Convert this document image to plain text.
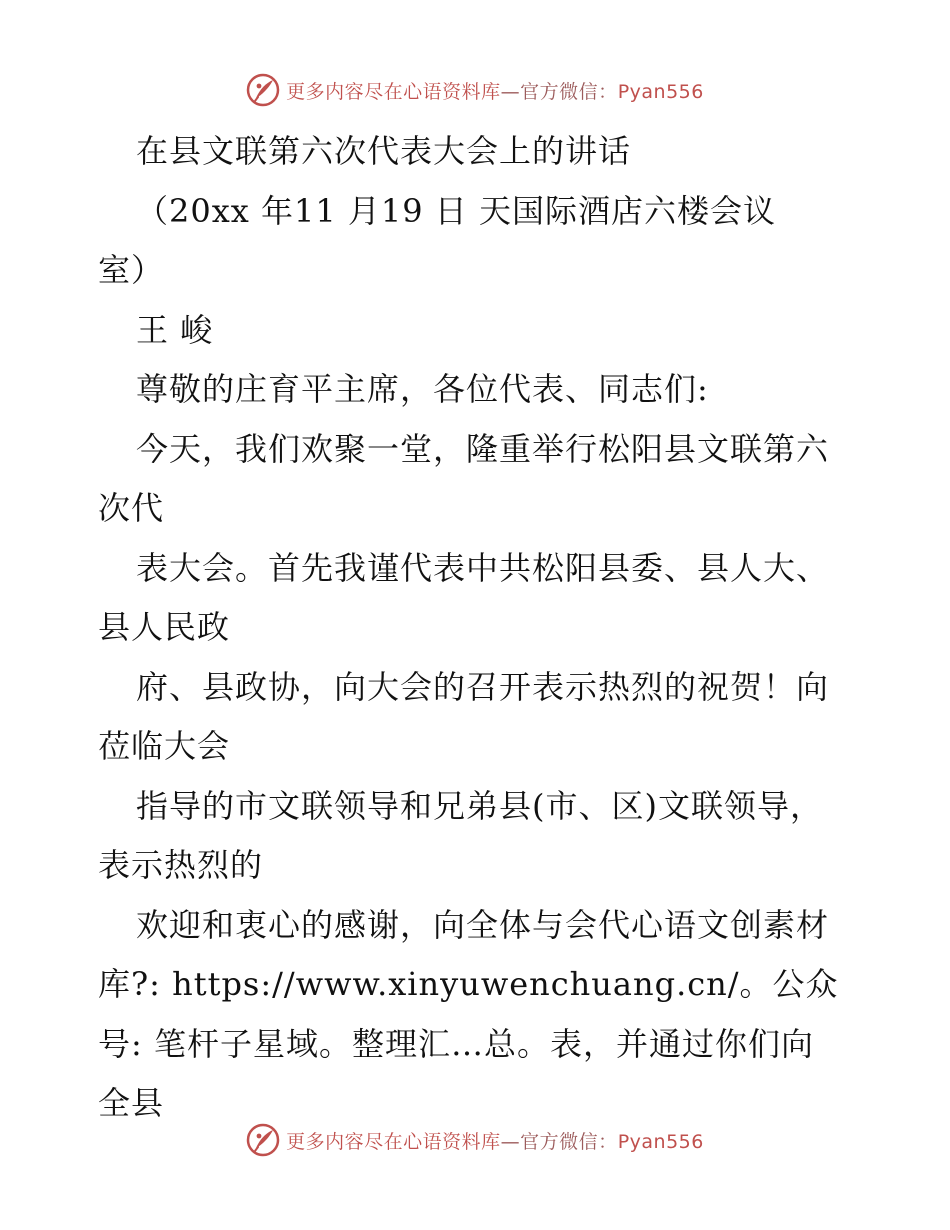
更多内容尽在心语资料库—官方微信：Pyan556
在县文联第六次代表大会上的讲话
（20xx 年11 月19 日 天国际酒店六楼会议
室）
王 峻
尊敬的庄育平主席，各位代表、同志们:
今天，我们欢聚一堂，隆重举行松阳县文联第六
次代
表大会。首先我谨代表中共松阳县委、县人大、
县人民政
府、县政协，向大会的召开表示热烈的祝贺！向
莅临大会
指导的市文联领导和兄弟县(市、区)文联领导，
表示热烈的
欢迎和衷心的感谢，向全体与会代心语文创素材
库?: https://www.xinyuwenchuang.cn/。公众
号: 笔杆子星域。整理汇…总。表，并通过你们向
全县
更多内容尽在心语资料库—官方微信：Pyan556
